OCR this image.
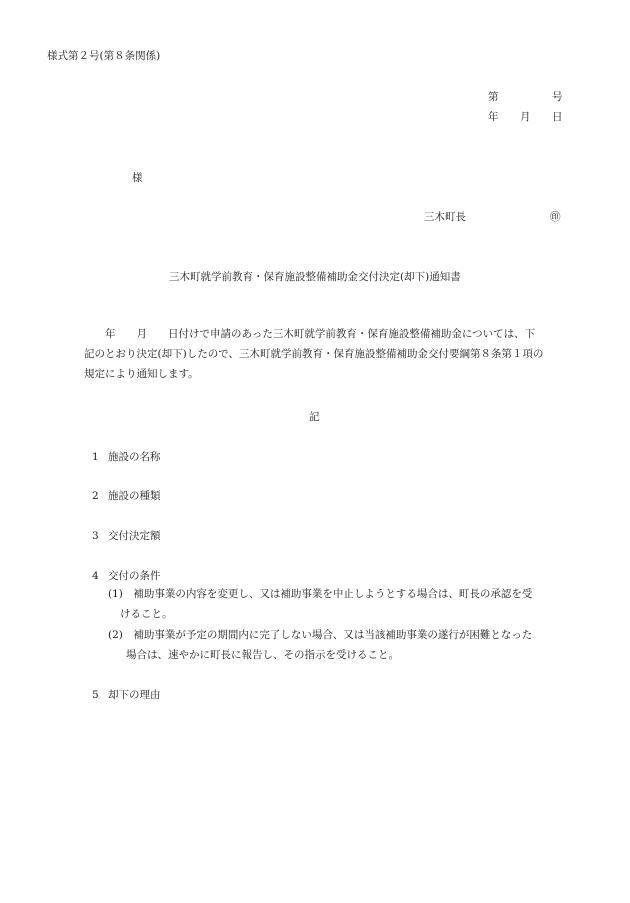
様式第２号(第８条関係)
第	号
年 月 日
様
三木町長	㊞
三木町就学前教育・保育施設整備補助金交付決定(却下)通知書
　　年　　月　　日付けで申請のあった三木町就学前教育・保育施設整備補助金については、下
記のとおり決定(却下)したので、三木町就学前教育・保育施設整備補助金交付要綱第８条第１項の
規定により通知します。
記
1 施設の名称
2 施設の種類
3 交付決定額
4 交付の条件
(1)　 補助事業の内容を変更し、又は補助事業を中止しようとする場合は、町長の承認を受
けること。
(2)　 補助事業が予定の期間内に完了しない場合、又は当該補助事業の遂行が困難となった
場合は、速やかに町長に報告し、その指示を受けること。
5 却下の理由
